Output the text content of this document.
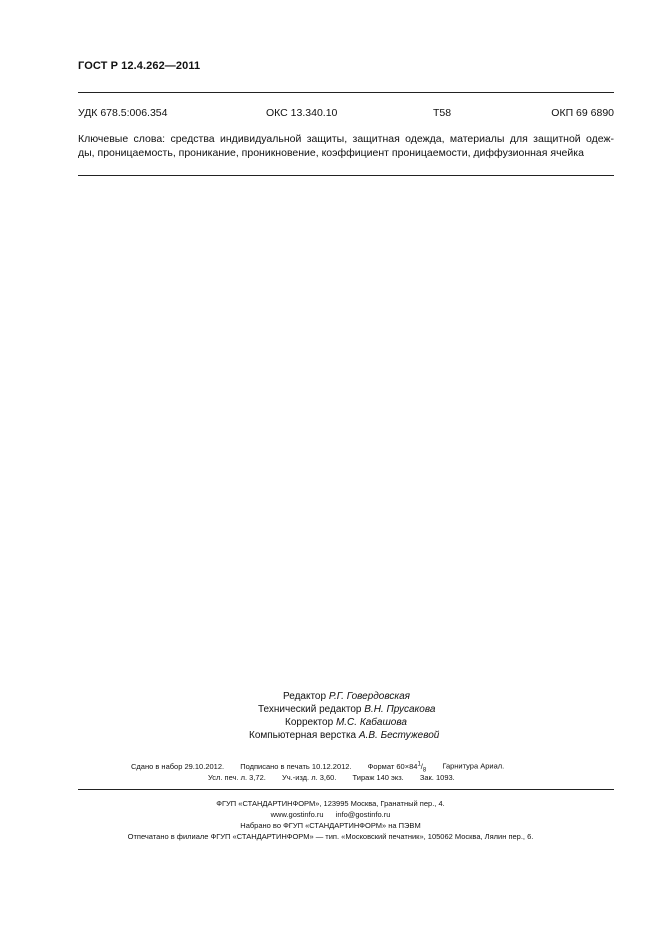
ГОСТ Р 12.4.262—2011
УДК 678.5:006.354	ОКС 13.340.10	Т58	ОКП 69 6890
Ключевые слова: средства индивидуальной защиты, защитная одежда, материалы для защитной одеж-
ды, проницаемость, проникание, проникновение, коэффициент проницаемости, диффузионная ячейка
Редактор Р.Г. Говердовская
Технический редактор В.Н. Прусакова
Корректор М.С. Кабашова
Компьютерная верстка А.В. Бестужевой
Сдано в набор 29.10.2012. Подписано в печать 10.12.2012. Формат $60\times 84^1/_8$ Гарнитура Ариал.
Усл. печ. л. 3,72. Уч.-изд. л. 3,60. Тираж 140 экз. Зак. 1093.
ФГУП «СТАНДАРТИНФОРМ», 123995 Москва, Гранатный пер., 4.
www.gostinfo.ru info@gostinfo.ru
Набрано во ФГУП «СТАНДАРТИНФОРМ» на ПЭВМ
Отпечатано в филиале ФГУП «СТАНДАРТИНФОРМ» — тип. «Московский печатник», 105062 Москва, Лялин пер., 6.
